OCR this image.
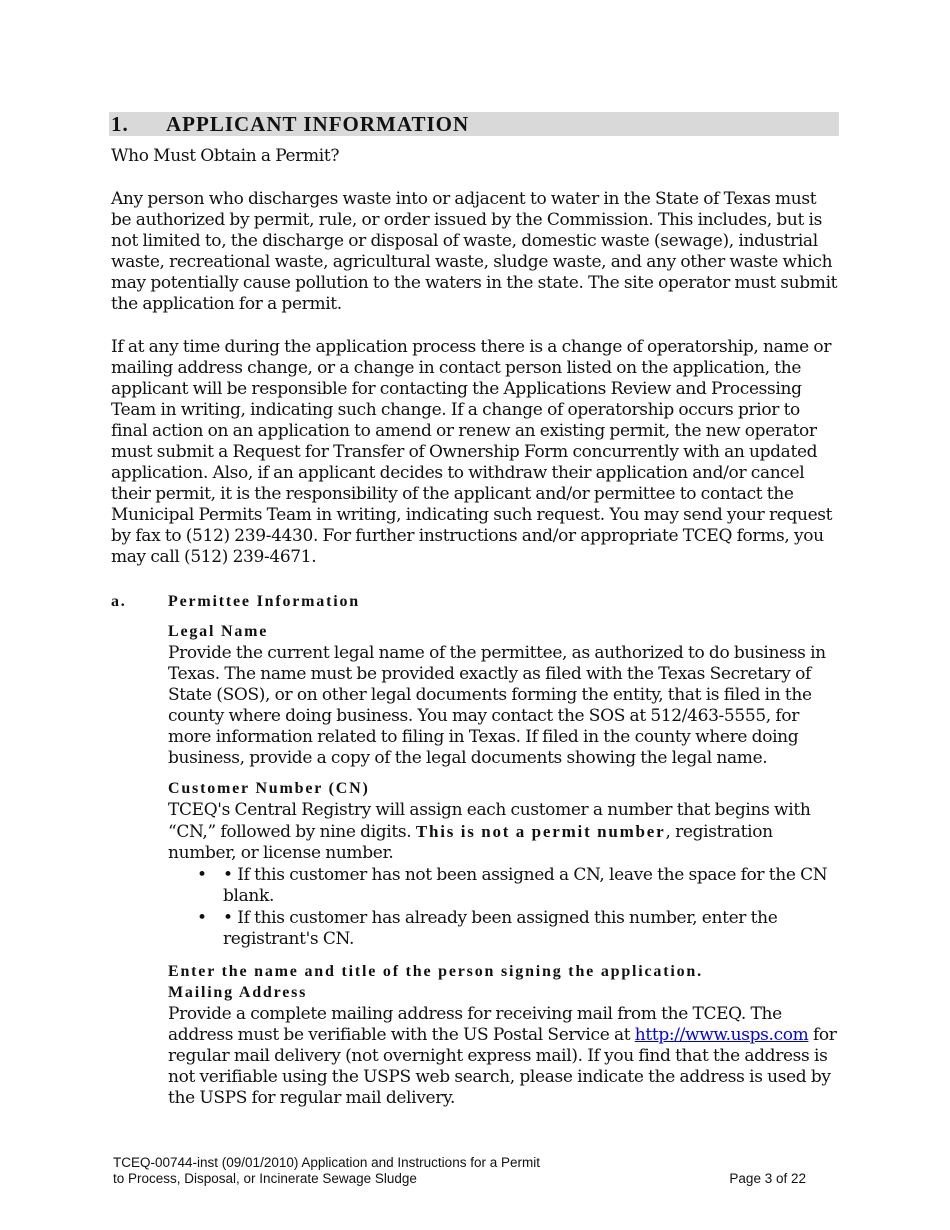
1. APPLICANT INFORMATION
Who Must Obtain a Permit?
Any person who discharges waste into or adjacent to water in the State of Texas must be authorized by permit, rule, or order issued by the Commission. This includes, but is not limited to, the discharge or disposal of waste, domestic waste (sewage), industrial waste, recreational waste, agricultural waste, sludge waste, and any other waste which may potentially cause pollution to the waters in the state. The site operator must submit the application for a permit.
If at any time during the application process there is a change of operatorship, name or mailing address change, or a change in contact person listed on the application, the applicant will be responsible for contacting the Applications Review and Processing Team in writing, indicating such change. If a change of operatorship occurs prior to final action on an application to amend or renew an existing permit, the new operator must submit a Request for Transfer of Ownership Form concurrently with an updated application. Also, if an applicant decides to withdraw their application and/or cancel their permit, it is the responsibility of the applicant and/or permittee to contact the Municipal Permits Team in writing, indicating such request. You may send your request by fax to (512) 239-4430. For further instructions and/or appropriate TCEQ forms, you may call (512) 239-4671.
a.	Permittee Information
Legal Name
Provide the current legal name of the permittee, as authorized to do business in Texas. The name must be provided exactly as filed with the Texas Secretary of State (SOS), or on other legal documents forming the entity, that is filed in the county where doing business. You may contact the SOS at 512/463-5555, for more information related to filing in Texas. If filed in the county where doing business, provide a copy of the legal documents showing the legal name.
Customer Number (CN)
TCEQ's Central Registry will assign each customer a number that begins with “CN,” followed by nine digits. This is not a permit number, registration number, or license number.
• • If this customer has not been assigned a CN, leave the space for the CN blank.
• • If this customer has already been assigned this number, enter the registrant's CN.
Enter the name and title of the person signing the application.
Mailing Address
Provide a complete mailing address for receiving mail from the TCEQ. The address must be verifiable with the US Postal Service at http://www.usps.com for regular mail delivery (not overnight express mail). If you find that the address is not verifiable using the USPS web search, please indicate the address is used by the USPS for regular mail delivery.
TCEQ-00744-inst (09/01/2010) Application and Instructions for a Permit
to Process, Disposal, or Incinerate Sewage Sludge	Page 3 of 22
